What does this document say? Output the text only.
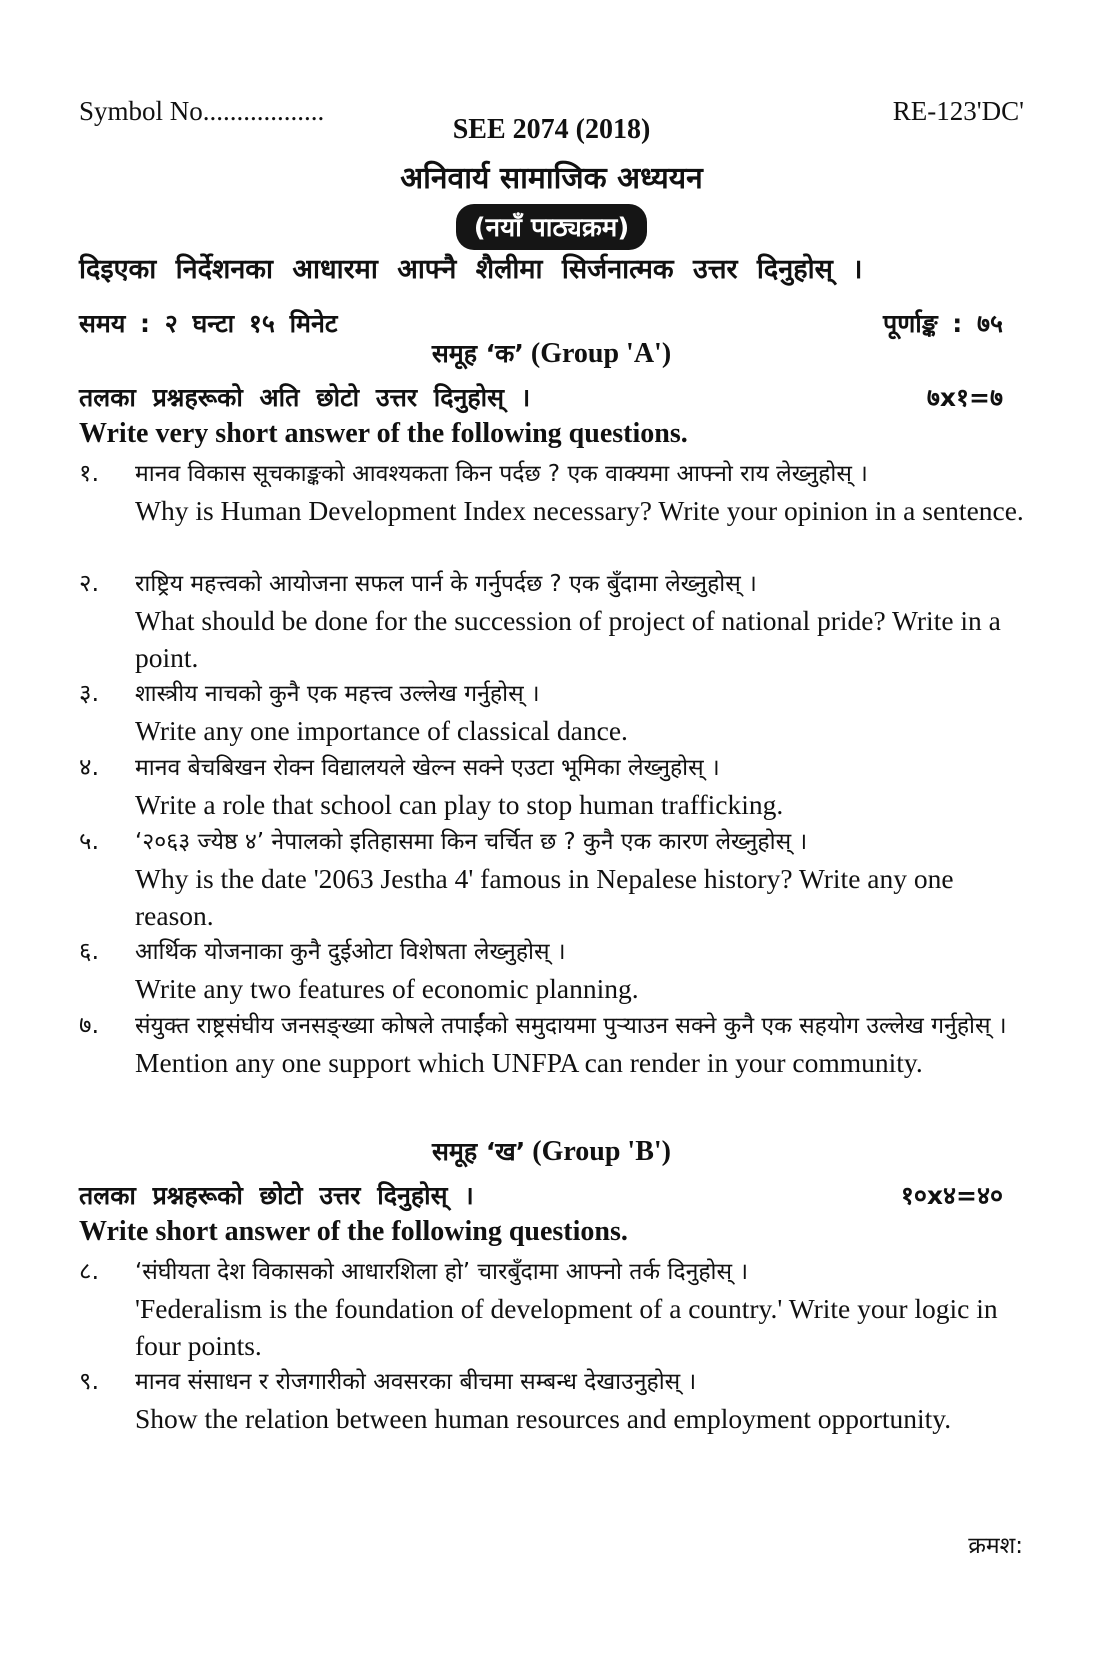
Symbol No..................	RE-123'DC'
SEE 2074 (2018)
अनिवार्य सामाजिक अध्ययन
(नयाँ पाठ्यक्रम)
दिइएका निर्देशनका आधारमा आफ्नै शैलीमा सिर्जनात्मक उत्तर दिनुहोस् ।
समय : २ घन्टा १५ मिनेट	पूर्णाङ्क : ७५
समूह ‘क’ (Group 'A')
तलका प्रश्नहरूको अति छोटो उत्तर दिनुहोस् ।	७x१=७
Write very short answer of the following questions.
१. मानव विकास सूचकाङ्कको आवश्यकता किन पर्दछ ? एक वाक्यमा आफ्नो राय लेख्नुहोस् ।
Why is Human Development Index necessary? Write your opinion in a sentence.
२. राष्ट्रिय महत्त्वको आयोजना सफल पार्न के गर्नुपर्दछ ? एक बुँदामा लेख्नुहोस् ।
What should be done for the succession of project of national pride? Write in a point.
३. शास्त्रीय नाचको कुनै एक महत्त्व उल्लेख गर्नुहोस् ।
Write any one importance of classical dance.
४. मानव बेचबिखन रोक्न विद्यालयले खेल्न सक्ने एउटा भूमिका लेख्नुहोस् ।
Write a role that school can play to stop human trafficking.
५. ‘२०६३ ज्येष्ठ ४’ नेपालको इतिहासमा किन चर्चित छ ? कुनै एक कारण लेख्नुहोस् ।
Why is the date '2063 Jestha 4' famous in Nepalese history? Write any one reason.
६. आर्थिक योजनाका कुनै दुईओटा विशेषता लेख्नुहोस् ।
Write any two features of economic planning.
७. संयुक्त राष्ट्रसंघीय जनसङ्ख्या कोषले तपाईंको समुदायमा पुऱ्याउन सक्ने कुनै एक सहयोग उल्लेख गर्नुहोस् ।
Mention any one support which UNFPA can render in your community.
समूह ‘ख’ (Group 'B')
तलका प्रश्नहरूको छोटो उत्तर दिनुहोस् ।	१०x४=४०
Write short answer of the following questions.
८. ‘संघीयता देश विकासको आधारशिला हो’ चारबुँदामा आफ्नो तर्क दिनुहोस् ।
'Federalism is the foundation of development of a country.' Write your logic in four points.
९. मानव संसाधन र रोजगारीको अवसरका बीचमा सम्बन्ध देखाउनुहोस् ।
Show the relation between human resources and employment opportunity.
क्रमश:
